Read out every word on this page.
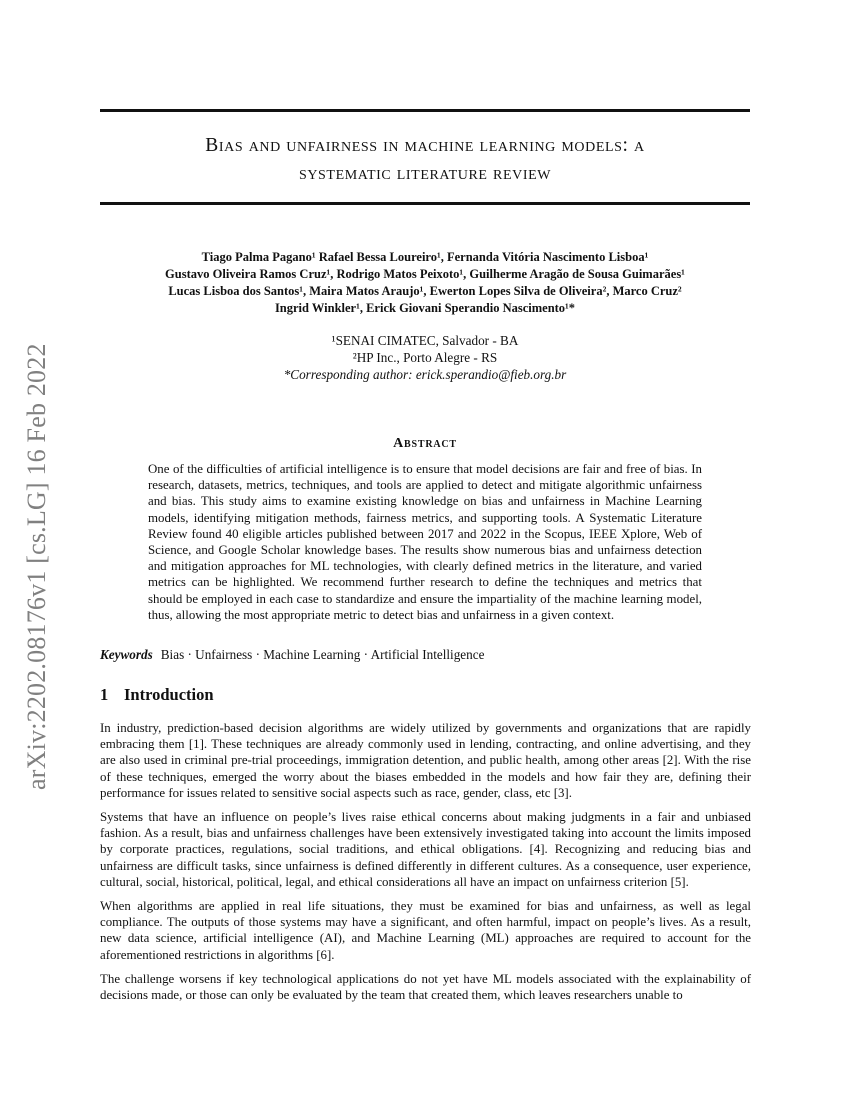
arXiv:2202.08176v1 [cs.LG] 16 Feb 2022
Bias and unfairness in machine learning models: a
systematic literature review
Tiago Palma Pagano¹ Rafael Bessa Loureiro¹, Fernanda Vitória Nascimento Lisboa¹
Gustavo Oliveira Ramos Cruz¹, Rodrigo Matos Peixoto¹, Guilherme Aragão de Sousa Guimarães¹
Lucas Lisboa dos Santos¹, Maira Matos Araujo¹, Ewerton Lopes Silva de Oliveira², Marco Cruz²
Ingrid Winkler¹, Erick Giovani Sperandio Nascimento¹*
¹SENAI CIMATEC, Salvador - BA
²HP Inc., Porto Alegre - RS
*Corresponding author: erick.sperandio@fieb.org.br
Abstract

One of the difficulties of artificial intelligence is to ensure that model decisions are fair and free of bias. In research, datasets, metrics, techniques, and tools are applied to detect and mitigate algorithmic unfairness and bias. This study aims to examine existing knowledge on bias and unfairness in Machine Learning models, identifying mitigation methods, fairness metrics, and supporting tools. A Systematic Literature Review found 40 eligible articles published between 2017 and 2022 in the Scopus, IEEE Xplore, Web of Science, and Google Scholar knowledge bases. The results show numerous bias and unfairness detection and mitigation approaches for ML technologies, with clearly defined metrics in the literature, and varied metrics can be highlighted. We recommend further research to define the techniques and metrics that should be employed in each case to standardize and ensure the impartiality of the machine learning model, thus, allowing the most appropriate metric to detect bias and unfairness in a given context.

Keywords Bias · Unfairness · Machine Learning · Artificial Intelligence

1 Introduction

In industry, prediction-based decision algorithms are widely utilized by governments and organizations that are rapidly embracing them [1]. These techniques are already commonly used in lending, contracting, and online advertising, and they are also used in criminal pre-trial proceedings, immigration detention, and public health, among other areas [2]. With the rise of these techniques, emerged the worry about the biases embedded in the models and how fair they are, defining their performance for issues related to sensitive social aspects such as race, gender, class, etc [3].

Systems that have an influence on people’s lives raise ethical concerns about making judgments in a fair and unbiased fashion. As a result, bias and unfairness challenges have been extensively investigated taking into account the limits imposed by corporate practices, regulations, social traditions, and ethical obligations. [4]. Recognizing and reducing bias and unfairness are difficult tasks, since unfairness is defined differently in different cultures. As a consequence, user experience, cultural, social, historical, political, legal, and ethical considerations all have an impact on unfairness criterion [5].

When algorithms are applied in real life situations, they must be examined for bias and unfairness, as well as legal compliance. The outputs of those systems may have a significant, and often harmful, impact on people’s lives. As a result, new data science, artificial intelligence (AI), and Machine Learning (ML) approaches are required to account for the aforementioned restrictions in algorithms [6].

The challenge worsens if key technological applications do not yet have ML models associated with the explainability of decisions made, or those can only be evaluated by the team that created them, which leaves researchers unable to
